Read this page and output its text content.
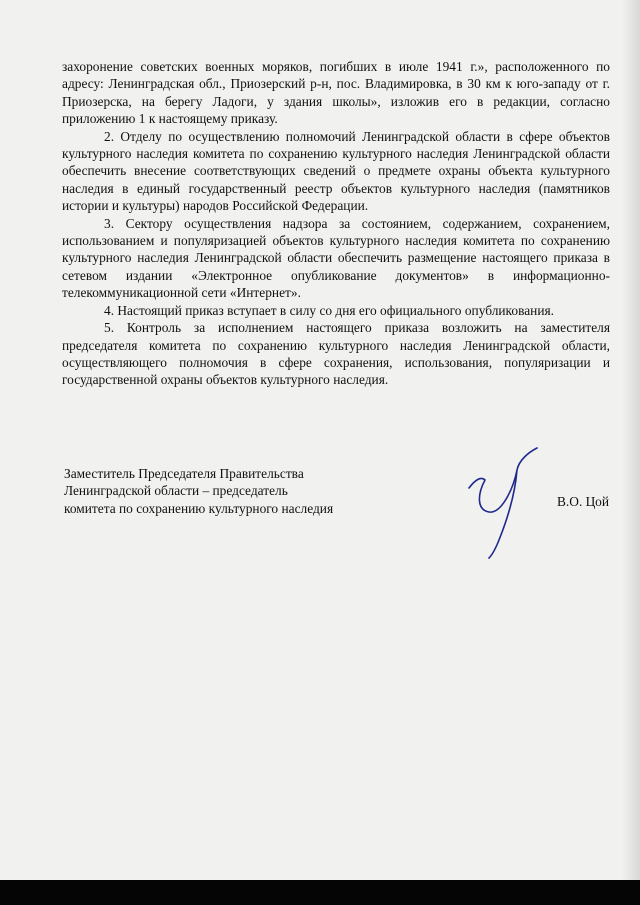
захоронение советских военных моряков, погибших в июле 1941 г.», расположенного по адресу: Ленинградская обл., Приозерский р-н, пос. Владимировка, в 30 км к юго-западу от г. Приозерска, на берегу Ладоги, у здания школы», изложив его в редакции, согласно приложению 1 к настоящему приказу.

2. Отделу по осуществлению полномочий Ленинградской области в сфере объектов культурного наследия комитета по сохранению культурного наследия Ленинградской области обеспечить внесение соответствующих сведений о предмете охраны объекта культурного наследия в единый государственный реестр объектов культурного наследия (памятников истории и культуры) народов Российской Федерации.

3. Сектору осуществления надзора за состоянием, содержанием, сохранением, использованием и популяризацией объектов культурного наследия комитета по сохранению культурного наследия Ленинградской области обеспечить размещение настоящего приказа в сетевом издании «Электронное опубликование документов» в информационно-телекоммуникационной сети «Интернет».

4. Настоящий приказ вступает в силу со дня его официального опубликования.

5. Контроль за исполнением настоящего приказа возложить на заместителя председателя комитета по сохранению культурного наследия Ленинградской области, осуществляющего полномочия в сфере сохранения, использования, популяризации и государственной охраны объектов культурного наследия.

Заместитель Председателя Правительства
Ленинградской области – председатель
комитета по сохранению культурного наследия	В.О. Цой
